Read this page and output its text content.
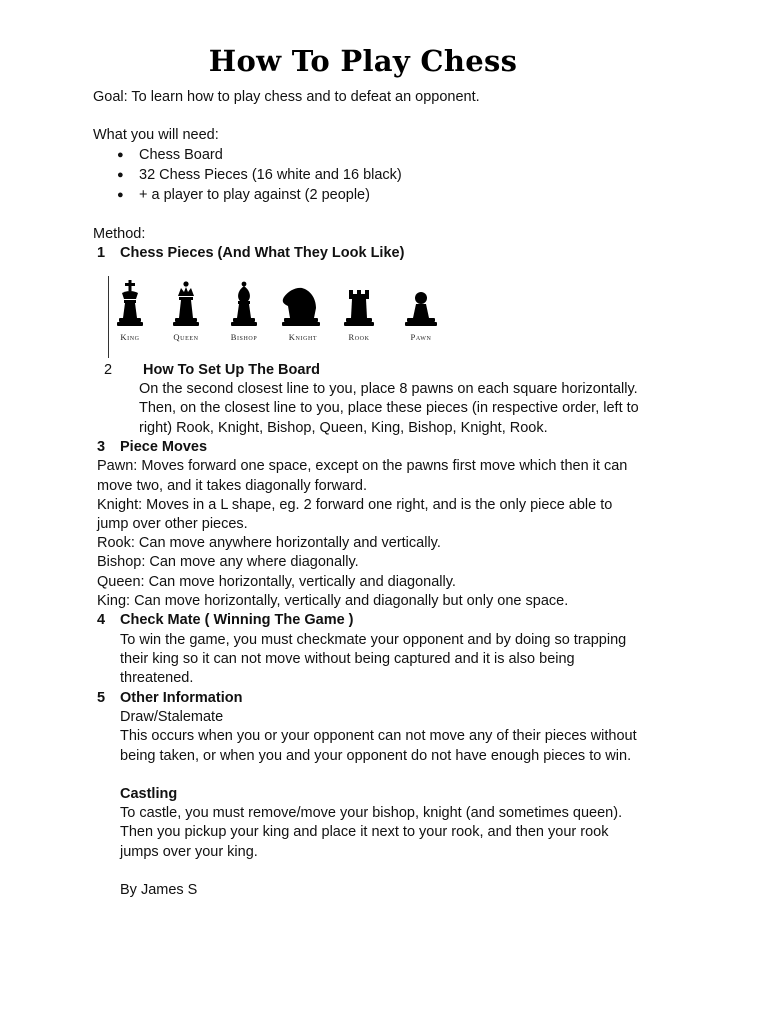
How To Play Chess
Goal: To learn how to play chess and to defeat an opponent.
What you will need:
● Chess Board
● 32 Chess Pieces (16 white and 16 black)
● + a player to play against (2 people)
Method:
1 Chess Pieces (And What They Look Like)
King	Queen	Bishop	Knight	Rook	Pawn
2 How To Set Up The Board
On the second closest line to you, place 8 pawns on each square horizontally.
Then, on the closest line to you, place these pieces (in respective order, left to
right) Rook, Knight, Bishop, Queen, King, Bishop, Knight, Rook.
3 Piece Moves
Pawn: Moves forward one space, except on the pawns first move which then it can
move two, and it takes diagonally forward.
Knight: Moves in a L shape, eg. 2 forward one right, and is the only piece able to
jump over other pieces.
Rook: Can move anywhere horizontally and vertically.
Bishop: Can move any where diagonally.
Queen: Can move horizontally, vertically and diagonally.
King: Can move horizontally, vertically and diagonally but only one space.
4 Check Mate ( Winning The Game )
To win the game, you must checkmate your opponent and by doing so trapping
their king so it can not move without being captured and it is also being
threatened.
5 Other Information
Draw/Stalemate
This occurs when you or your opponent can not move any of their pieces without
being taken, or when you and your opponent do not have enough pieces to win.
Castling
To castle, you must remove/move your bishop, knight (and sometimes queen).
Then you pickup your king and place it next to your rook, and then your rook
jumps over your king.
By James S
